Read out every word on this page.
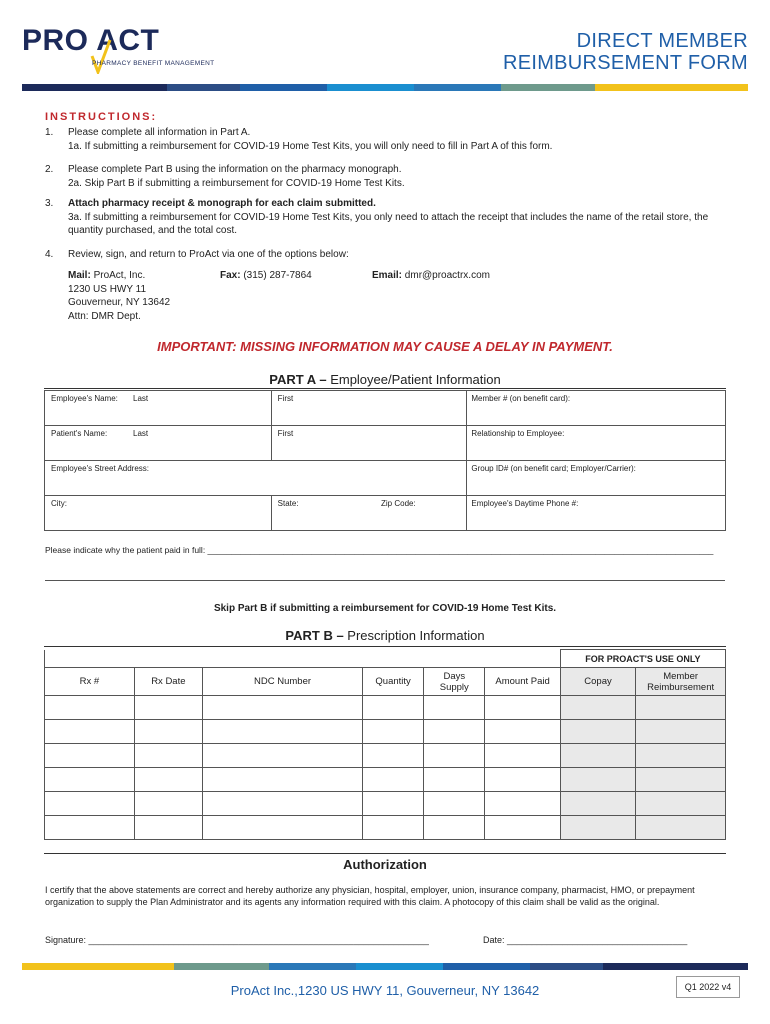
PRO ACT
PHARMACY BENEFIT MANAGEMENT
DIRECT MEMBER
REIMBURSEMENT FORM
INSTRUCTIONS:
1. Please complete all information in Part A.
1a. If submitting a reimbursement for COVID-19 Home Test Kits, you will only need to fill in Part A of this form.
2. Please complete Part B using the information on the pharmacy monograph.
2a. Skip Part B if submitting a reimbursement for COVID-19 Home Test Kits.
3. Attach pharmacy receipt & monograph for each claim submitted.
3a. If submitting a reimbursement for COVID-19 Home Test Kits, you only need to attach the receipt that includes the name of the retail store, the quantity purchased, and the total cost.
4. Review, sign, and return to ProAct via one of the options below:
Mail: ProAct, Inc.
1230 US HWY 11
Gouverneur, NY 13642
Attn: DMR Dept.
Fax: (315) 287-7864	Email: dmr@proactrx.com
IMPORTANT: MISSING INFORMATION MAY CAUSE A DELAY IN PAYMENT.
PART A – Employee/Patient Information
Employee's Name: Last	First		Member # (on benefit card):

Patient's Name: Last	First		Relationship to Employee:

Employee's Street Address:			Group ID# (on benefit card; Employer/Carrier):

City:	State:	Zip Code:	Employee's Daytime Phone #:
Please indicate why the patient paid in full: ___________________________________________________________________________________________________________
Skip Part B if submitting a reimbursement for COVID-19 Home Test Kits.
PART B – Prescription Information
						FOR PROACT'S USE ONLY	
Rx #	Rx Date	NDC Number	Quantity	Days Supply	Amount Paid	Copay	Member Reimbursement

Authorization
I certify that the above statements are correct and hereby authorize any physician, hospital, employer, union, insurance company, pharmacist, HMO, or prepayment organization to supply the Plan Administrator and its agents any information required with this claim. A photocopy of this claim shall be valid as the original.
Signature: ____________________________________________________________________	Date: ____________________________________
ProAct Inc.,1230 US HWY 11, Gouverneur, NY 13642	Q1 2022 v4
